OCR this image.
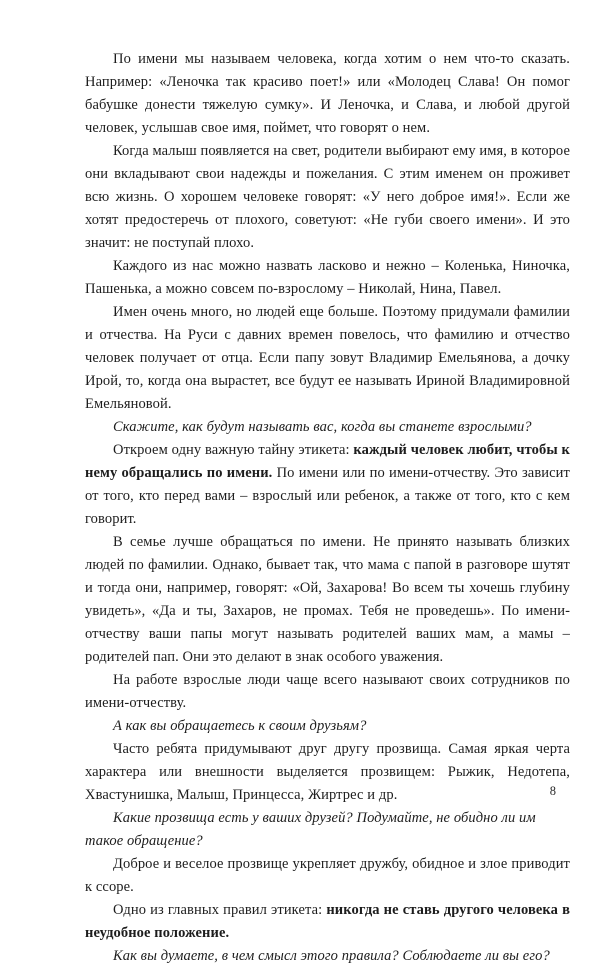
По имени мы называем человека, когда хотим о нем что-то сказать. Например: «Леночка так красиво поет!» или «Молодец Слава! Он помог бабушке донести тяжелую сумку». И Леночка, и Слава, и любой другой человек, услышав свое имя, поймет, что говорят о нем.

Когда малыш появляется на свет, родители выбирают ему имя, в которое они вкладывают свои надежды и пожелания. С этим именем он проживет всю жизнь. О хорошем человеке говорят: «У него доброе имя!». Если же хотят предостеречь от плохого, советуют: «Не губи своего имени». И это значит: не поступай плохо.

Каждого из нас можно назвать ласково и нежно – Коленька, Ниночка, Пашенька, а можно совсем по-взрослому – Николай, Нина, Павел.

Имен очень много, но людей еще больше. Поэтому придумали фамилии и отчества. На Руси с давних времен повелось, что фамилию и отчество человек получает от отца. Если папу зовут Владимир Емельянова, а дочку Ирой, то, когда она вырастет, все будут ее называть Ириной Владимировной Емельяновой.

Скажите, как будут называть вас, когда вы станете взрослыми?

Откроем одну важную тайну этикета: каждый человек любит, чтобы к нему обращались по имени. По имени или по имени-отчеству. Это зависит от того, кто перед вами – взрослый или ребенок, а также от того, кто с кем говорит.

В семье лучше обращаться по имени. Не принято называть близких людей по фамилии. Однако, бывает так, что мама с папой в разговоре шутят и тогда они, например, говорят: «Ой, Захарова! Во всем ты хочешь глубину увидеть», «Да и ты, Захаров, не промах. Тебя не проведешь». По имени-отчеству ваши папы могут называть родителей ваших мам, а мамы – родителей пап. Они это делают в знак особого уважения.

На работе взрослые люди чаще всего называют своих сотрудников по имени-отчеству.

А как вы обращаетесь к своим друзьям?

Часто ребята придумывают друг другу прозвища. Самая яркая черта характера или внешности выделяется прозвищем: Рыжик, Недотепа, Хвастунишка, Малыш, Принцесса, Жиртрес и др.

Какие прозвища есть у ваших друзей? Подумайте, не обидно ли им такое обращение?

Доброе и веселое прозвище укрепляет дружбу, обидное и злое приводит к ссоре.

Одно из главных правил этикета: никогда не ставь другого человека в неудобное положение.

Как вы думаете, в чем смысл этого правила? Соблюдаете ли вы его?

8
